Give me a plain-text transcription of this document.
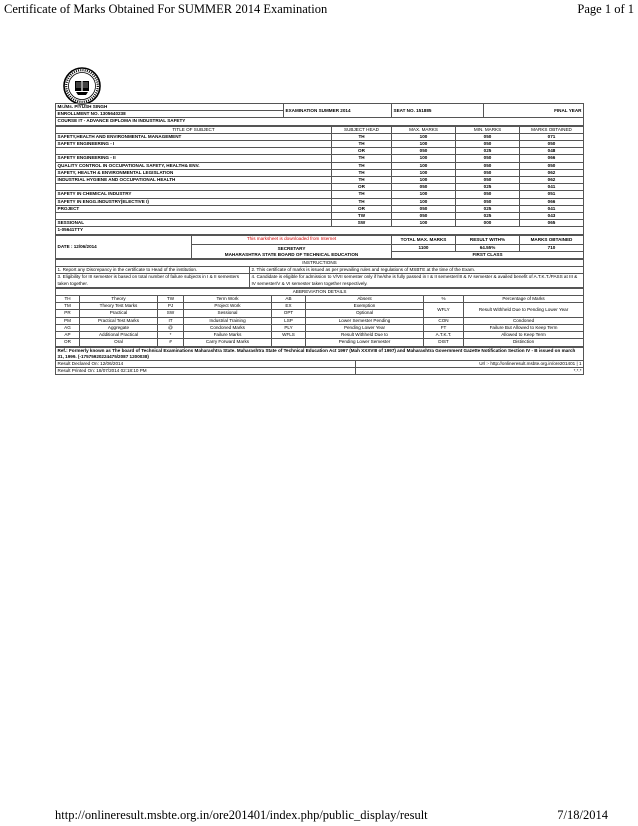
Certificate of Marks Obtained For SUMMER 2014 Examination	Page 1 of 1
Mr./Ms. PIYUSH SINGH	EXAMINATION SUMMER 2014	SEAT NO. 151885	FINAL YEAR
ENROLLMENT NO. 1305640238
COURSE IT - ADVANCE DIPLOMA IN INDUSTRIAL SAFETY
TITLE OF SUBJECT	SUBJECT HEAD	MAX. MARKS	MIN. MARKS	MARKS OBTAINED
SAFETY,HEALTH AND ENVIRONMENTAL MANAGEMENT	TH	100	050	071
SAFETY ENGINEERING - I	TH	100	050	050
	OR	050	025	048
SAFETY ENGINEERING - II	TH	100	050	066
QUALITY CONTROL IN OCCUPATIONAL SAFETY, HEALTH& ENV.	TH	100	050	050
SAFETY, HEALTH & ENVIRONMENTAL LEGISLATION	TH	100	050	062
INDUSTRIAL HYGIENE AND OCCUPATIONAL HEALTH	TH	100	050	062
	OR	050	025	041
SAFETY IN CHEMICAL INDUSTRY	TH	100	050	051
SAFETY IN ENGG.INDUSTRY(ELECTIVE I)	TH	100	050	066
PROJECT	OR	050	025	041
	TW	050	025	043
SESSIONAL	SW	100	000	065
1-05641TTY				
DATE : 12/06/2014	This marksheet is downloaded from Internet	TOTAL MAX. MARKS	RESULT WITH%	MARKS OBTAINED

	SECRETARY
MAHARASHTRA STATE BOARD OF TECHNICAL EDUCATION	1100	64.55%	710
		FIRST CLASS		
INSTRUCTIONS	
1. Report any Discrepancy in the certificate to Head of the institution.	2. This certificate of marks is issued as per prevailing rules and regulations of MSBTE at the time of the Exam.
3. Eligibility for III semester is based on total number of failure subjects in I & II semesters taken together.	4. Candidate is eligible for admission to V/VII semester only if he/she is fully passed in I & II semester/III & IV semester & availed benefit of A.T.K.T./PASS at III & IV semester/V & VI semester taken together respectively.
ABBREVIATION DETAILS							
TH	Theory	TW	Term Work	AB	Absent	%	Percentage of Marks
TM	Theory Test Marks	PJ	Project Work	EX	Exemption	WFLY	Result Withheld Due to Pending Lower Year
PR	Practical	SW	Sessional	OPT	Optional		
PM	Practical Test Marks	IT	Industrial Training	LSP	Lower Semester Pending	CON	Condoned
AG	Aggregate	@	Condoned Marks	PLY	Pending Lower Year	FT	Failure But Allowed to Keep Term
AP	Additional Practical	*	Failure Marks	WFLS	Result Withheld Due to	A.T.K.T.	Allowed to Keep Term
OR	Oral	#	Carry Forward Marks		Pending Lower Semester	DIST	Distinction
Ref.: Formerly known as The board of Technical Examinations Maharashtra State. Maharashtra State of Technical Education Act 1997 (Mah XXXVIII of 1997) and Maharashtra Government Gazette Notification Section IV - B issued on march 31, 1999. (-17575920224475/2087 1200038)	
Result Declared On: 12/06/2014	Url :- http://onlineresult.msbte.org.in/ore201401 | 1
Result Printed On: 18/07/2014 02:18:10 PM	*.*.*
http://onlineresult.msbte.org.in/ore201401/index.php/public_display/result	7/18/2014
